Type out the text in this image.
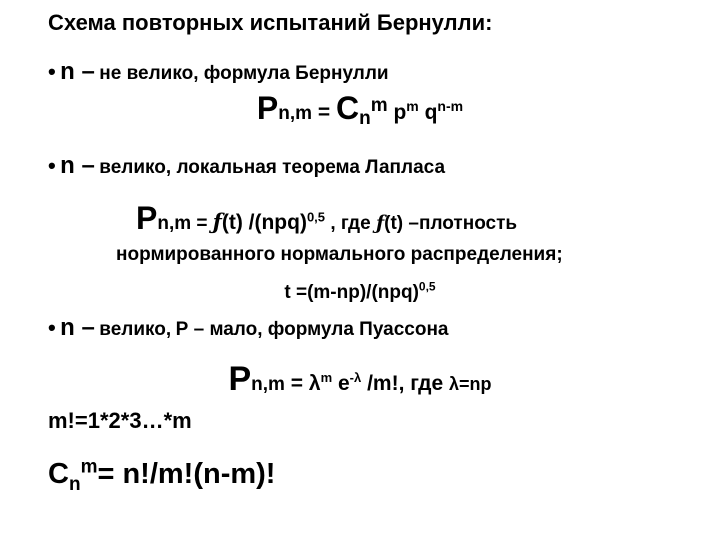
Схема повторных испытаний Бернулли:
• n – не велико, формула Бернулли
$Pn,m = C_n^m$ $p^m$ $q^{n-m}$
• n – велико, локальная теорема Лапласа
Pn,m = ƒ(t) /(npq)$^{0,5}$ , где ƒ(t) –плотность
нормированного нормального распределения;
t =(m-np)/(npq)$^{0,5}$
• n – велико, Р – мало, формула Пуассона
$Pn,m = \lambda^m$ $e^{-\lambda}$ /m!, где λ=np
m!=1*2*3…*m
$C_n^m= n!/m!(n-m)$!
